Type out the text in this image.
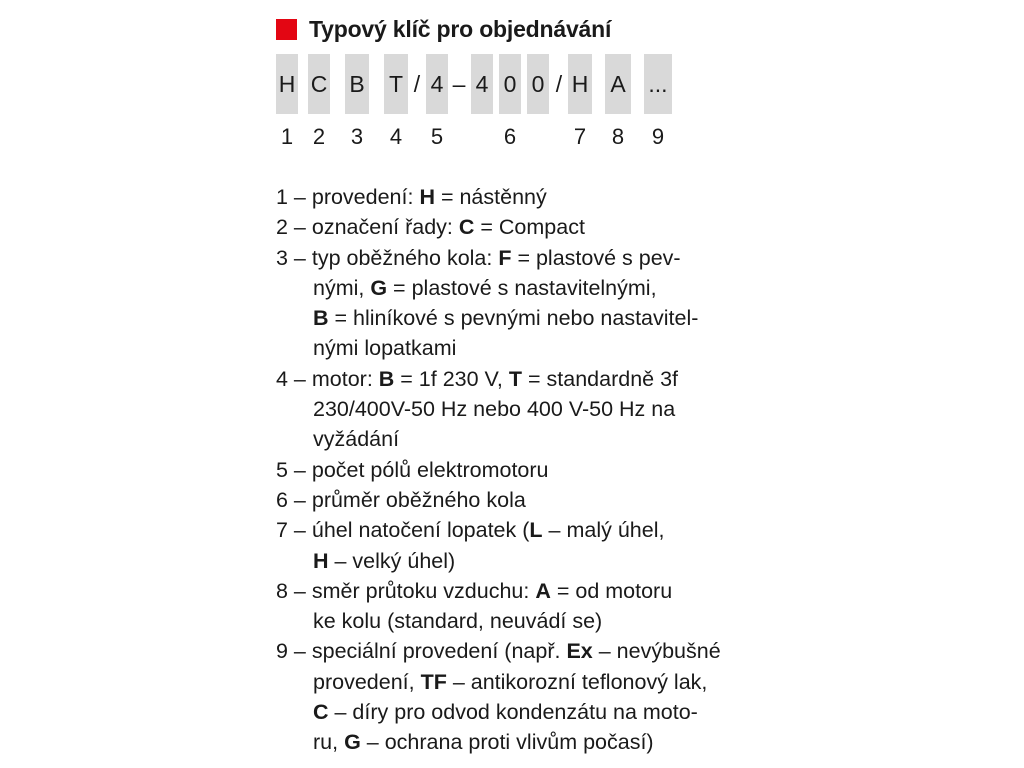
Typový klíč pro objednávání
H C B T / 4 – 4 0 0 / H A ...
1 2 3 4 5	6	7	8	9
1 – provedení: H = nástěnný
2 – označení řady: C = Compact
3 – typ oběžného kola: F = plastové s pev-
nými, G = plastové s nastavitelnými,
B = hliníkové s pevnými nebo nastavitel-
nými lopatkami
4 – motor: B = 1f 230 V, T = standardně 3f
230/400V-50 Hz nebo 400 V-50 Hz na
vyžádání
5 – počet pólů elektromotoru
6 – průměr oběžného kola
7 – úhel natočení lopatek (L – malý úhel,
H – velký úhel)
8 – směr průtoku vzduchu: A = od motoru
ke kolu (standard, neuvádí se)
9 – speciální provedení (např. Ex – nevýbušné
provedení, TF – antikorozní teflonový lak,
C – díry pro odvod kondenzátu na moto-
ru, G – ochrana proti vlivům počasí)
